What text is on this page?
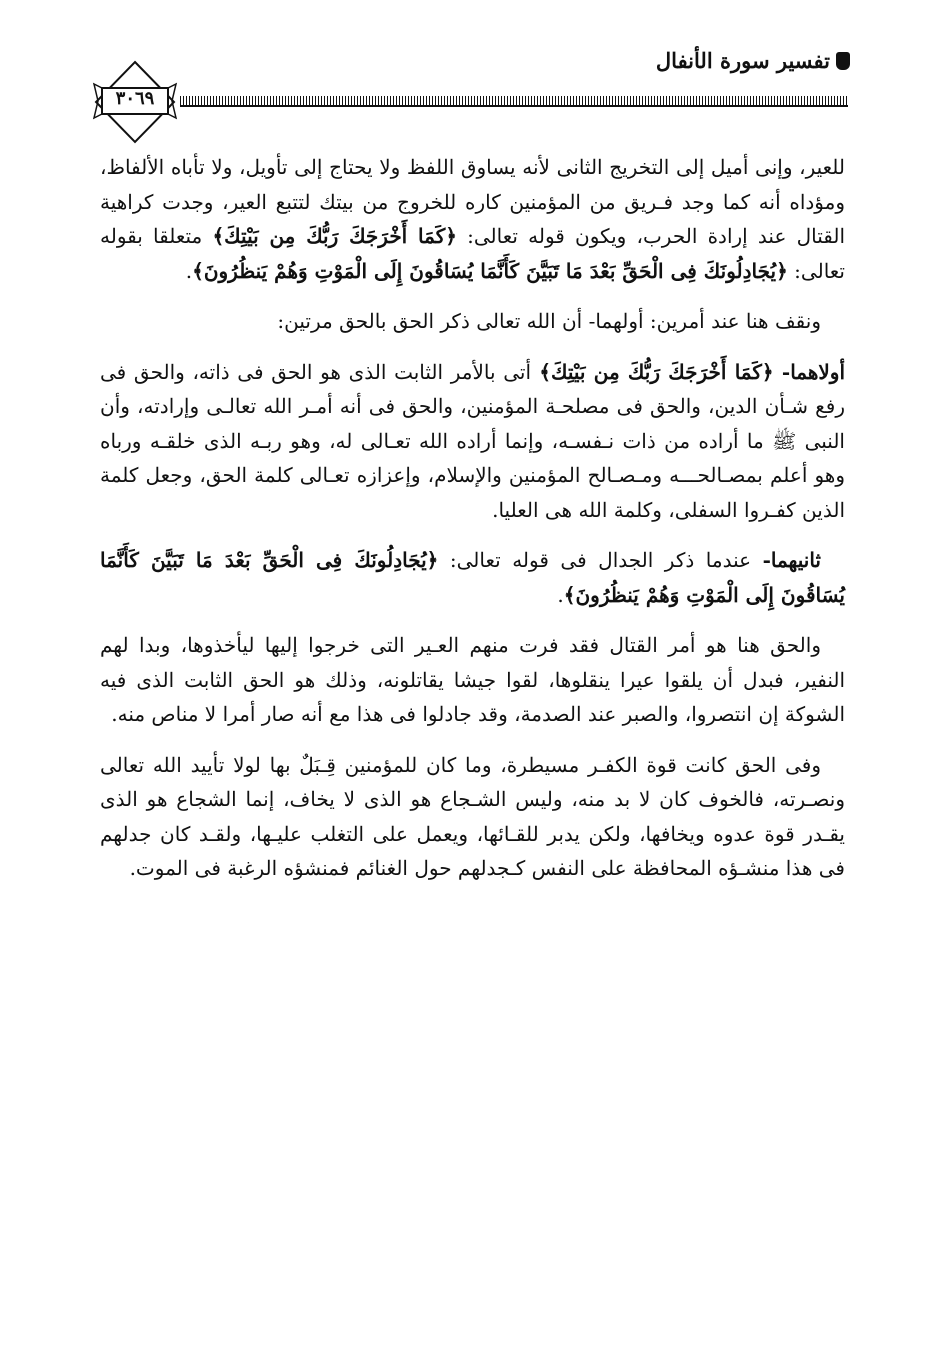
تفسير سورة الأنفال
٣٠٦٩

للعير، وإنى أميل إلى التخريج الثانى لأنه يساوق اللفظ ولا يحتاج إلى تأويل، ولا تأباه الألفاظ، ومؤداه أنه كما وجد فـريق من المؤمنين كاره للخروج من بيتك لتتبع العير، وجدت كراهية القتال عند إرادة الحرب، ويكون قوله تعالى: ﴿كَمَا أَخْرَجَكَ رَبُّكَ مِن بَيْتِكَ﴾ متعلقا بقوله تعالى: ﴿يُجَادِلُونَكَ فِى الْحَقِّ بَعْدَ مَا تَبَيَّنَ كَأَنَّمَا يُسَاقُونَ إِلَى الْمَوْتِ وَهُمْ يَنظُرُونَ﴾.

ونقف هنا عند أمرين: أولهما- أن الله تعالى ذكر الحق بالحق مرتين:

أولاهما- ﴿كَمَا أَخْرَجَكَ رَبُّكَ مِن بَيْتِكَ﴾ أتى بالأمر الثابت الذى هو الحق فى ذاته، والحق فى رفع شـأن الدين، والحق فى مصلحـة المؤمنين، والحق فى أنه أمـر الله تعالـى وإرادته، وأن النبى ﷺ ما أراده من ذات نـفسـه، وإنما أراده الله تعـالى له، وهو ربـه الذى خلقـه ورباه وهو أعلم بمصـالحـــه ومـصـالح المؤمنين والإسلام، وإعزازه تعـالى كلمة الحق، وجعل كلمة الذين كفـروا السفلى، وكلمة الله هى العليا.

ثانيهما- عندما ذكر الجدال فى قوله تعالى: ﴿يُجَادِلُونَكَ فِى الْحَقِّ بَعْدَ مَا تَبَيَّنَ كَأَنَّمَا يُسَاقُونَ إِلَى الْمَوْتِ وَهُمْ يَنظُرُونَ﴾.

والحق هنا هو أمر القتال فقد فرت منهم العـير التى خرجوا إليها ليأخذوها، وبدا لهم النفير، فبدل أن يلقوا عيرا ينقلوها، لقوا جيشا يقاتلونه، وذلك هو الحق الثابت الذى فيه الشوكة إن انتصروا، والصبر عند الصدمة، وقد جادلوا فى هذا مع أنه صار أمرا لا مناص منه.

وفى الحق كانت قوة الكفـر مسيطرة، وما كان للمؤمنين قِـبَلٌ بها لولا تأييد الله تعالى ونصـرته، فالخوف كان لا بد منه، وليس الشـجاع هو الذى لا يخاف، إنما الشجاع هو الذى يقـدر قوة عدوه ويخافها، ولكن يدبر للقـائها، ويعمل على التغلب عليـها، ولقـد كان جدلهم فى هذا منشـؤه المحافظة على النفس كـجدلهم حول الغنائم فمنشؤه الرغبة فى الموت.
